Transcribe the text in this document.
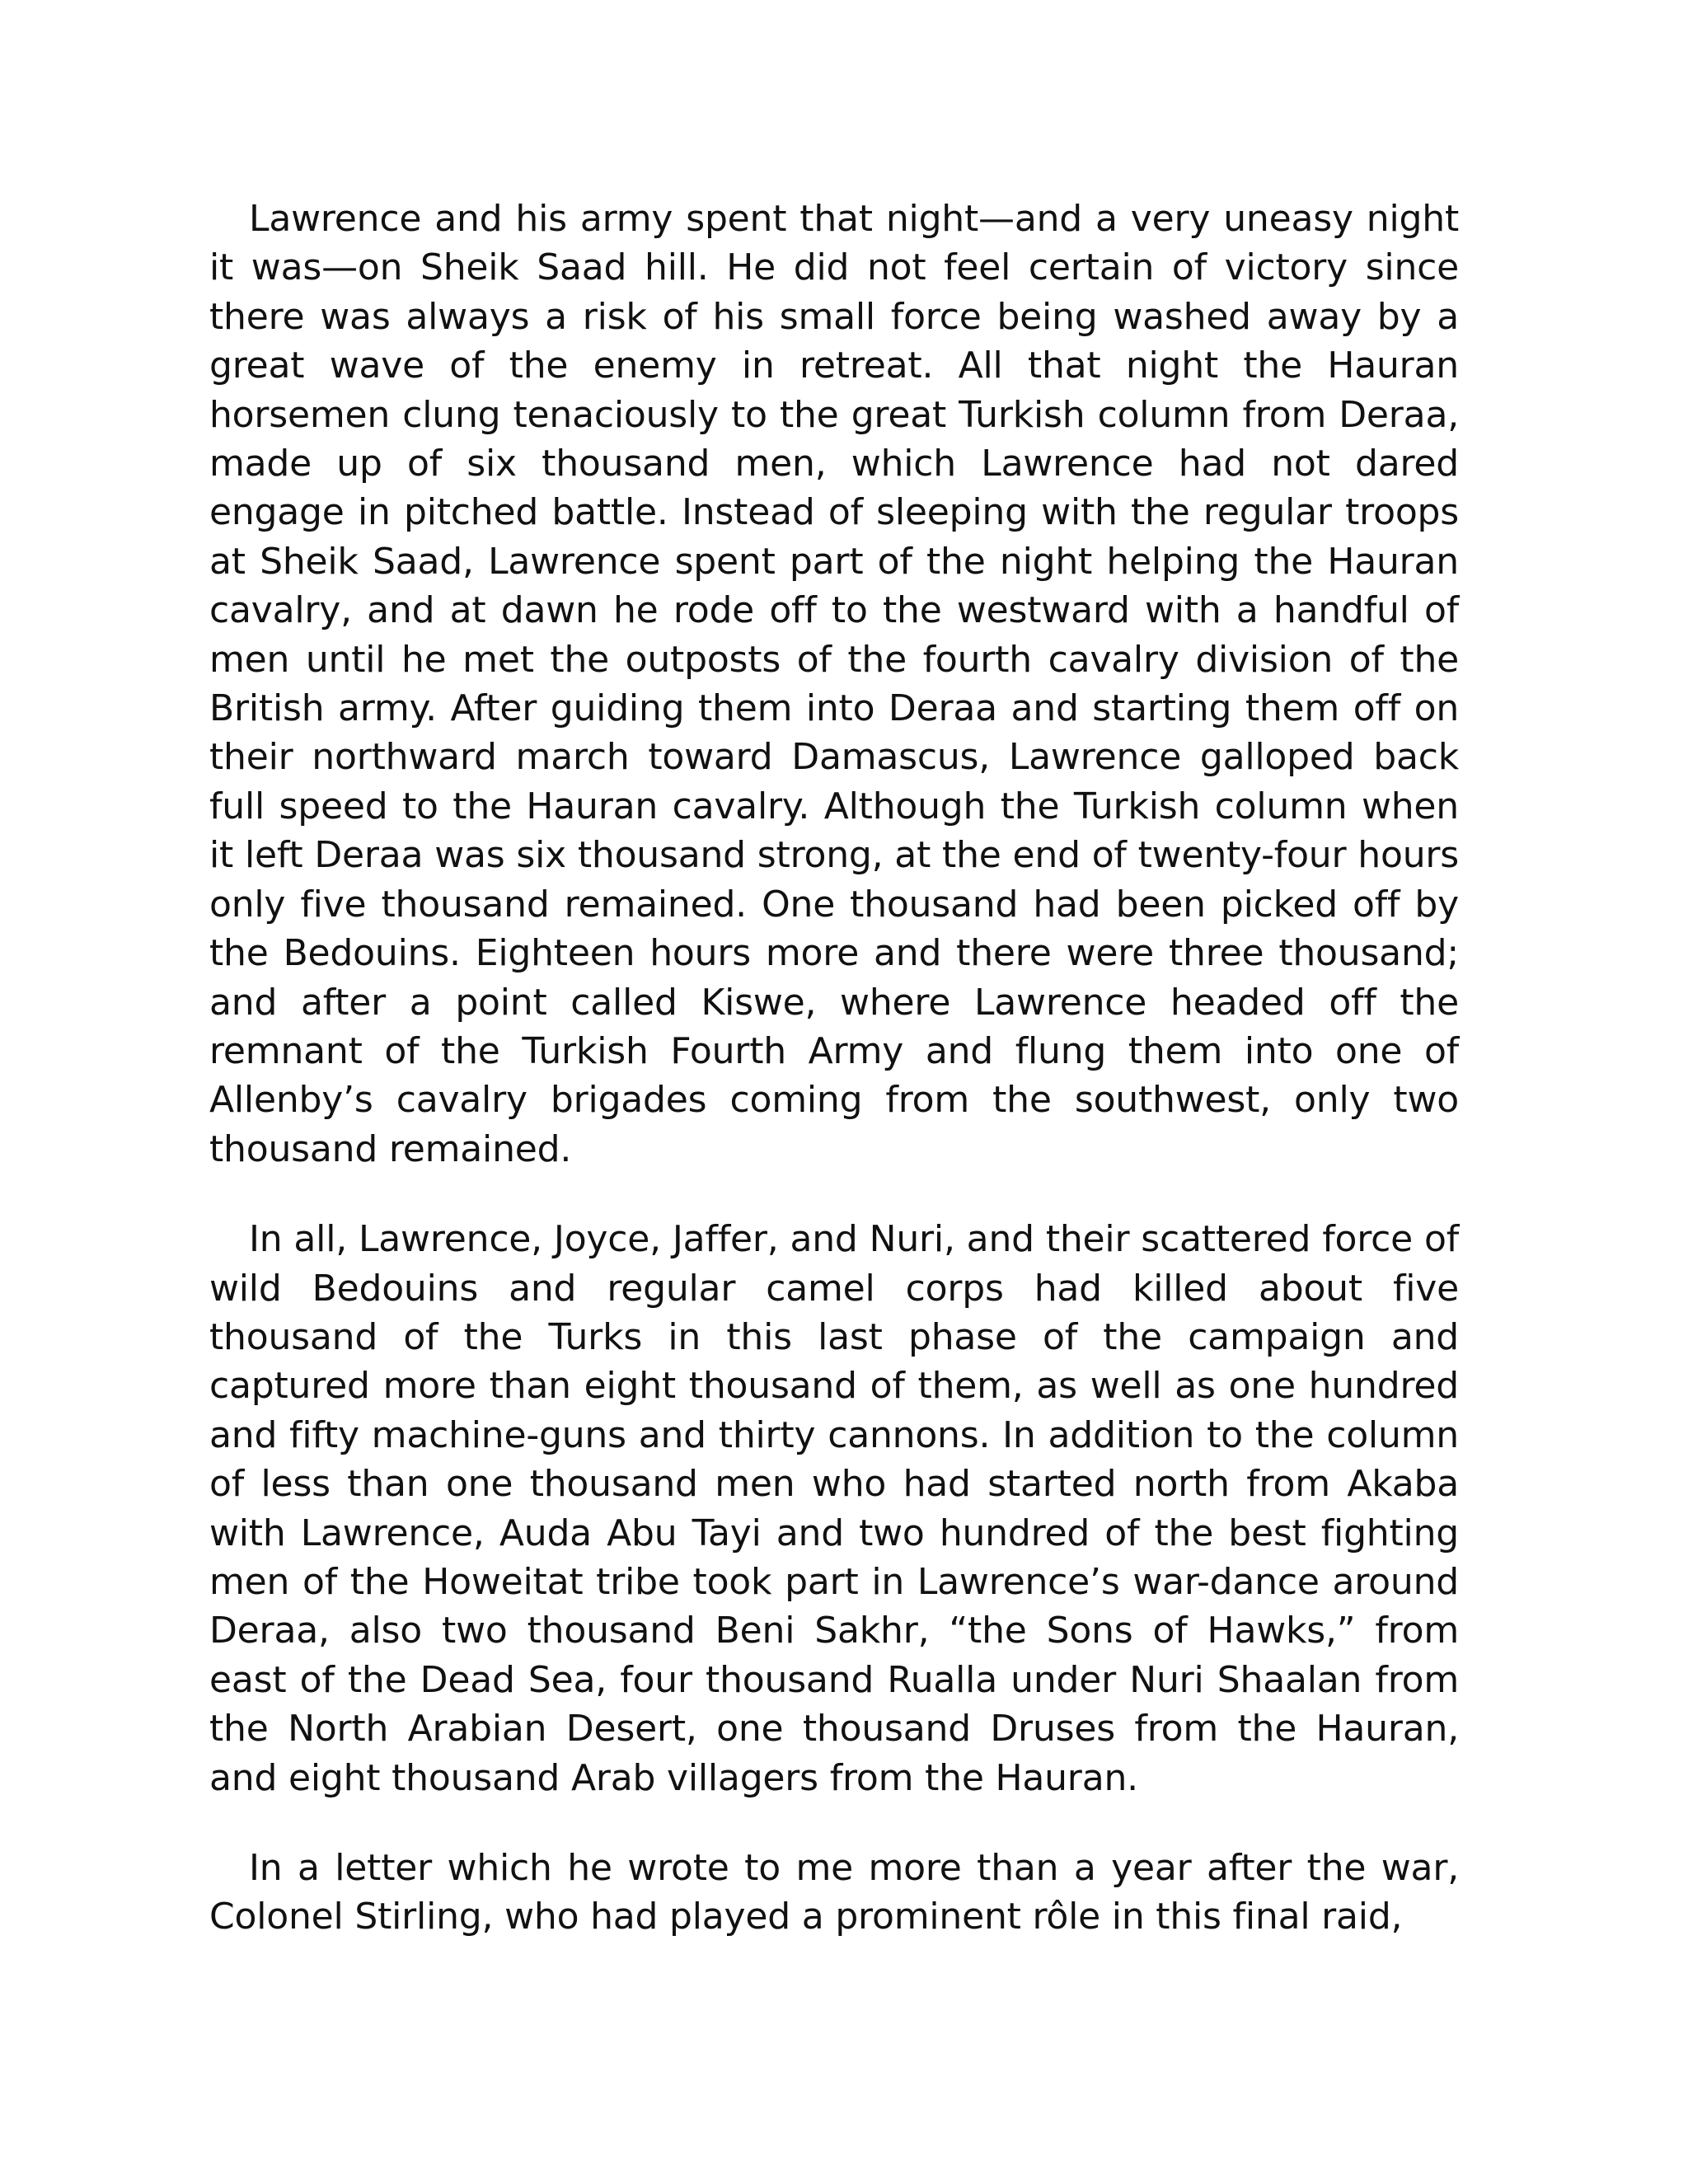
Lawrence and his army spent that night—and a very uneasy night it was—on Sheik Saad hill. He did not feel certain of victory since there was always a risk of his small force being washed away by a great wave of the enemy in retreat. All that night the Hauran horsemen clung tenaciously to the great Turkish column from Deraa, made up of six thousand men, which Lawrence had not dared engage in pitched battle. Instead of sleeping with the regular troops at Sheik Saad, Lawrence spent part of the night helping the Hauran cavalry, and at dawn he rode off to the westward with a handful of men until he met the outposts of the fourth cavalry division of the British army. After guiding them into Deraa and starting them off on their northward march toward Damascus, Lawrence galloped back full speed to the Hauran cavalry. Although the Turkish column when it left Deraa was six thousand strong, at the end of twenty-four hours only five thousand remained. One thousand had been picked off by the Bedouins. Eighteen hours more and there were three thousand; and after a point called Kiswe, where Lawrence headed off the remnant of the Turkish Fourth Army and flung them into one of Allenby’s cavalry brigades coming from the southwest, only two thousand remained.

In all, Lawrence, Joyce, Jaffer, and Nuri, and their scattered force of wild Bedouins and regular camel corps had killed about five thousand of the Turks in this last phase of the campaign and captured more than eight thousand of them, as well as one hundred and fifty machine-guns and thirty cannons. In addition to the column of less than one thousand men who had started north from Akaba with Lawrence, Auda Abu Tayi and two hundred of the best fighting men of the Howeitat tribe took part in Lawrence’s war-dance around Deraa, also two thousand Beni Sakhr, “the Sons of Hawks,” from east of the Dead Sea, four thousand Rualla under Nuri Shaalan from the North Arabian Desert, one thousand Druses from the Hauran, and eight thousand Arab villagers from the Hauran.

In a letter which he wrote to me more than a year after the war, Colonel Stirling, who had played a prominent rôle in this final raid,
